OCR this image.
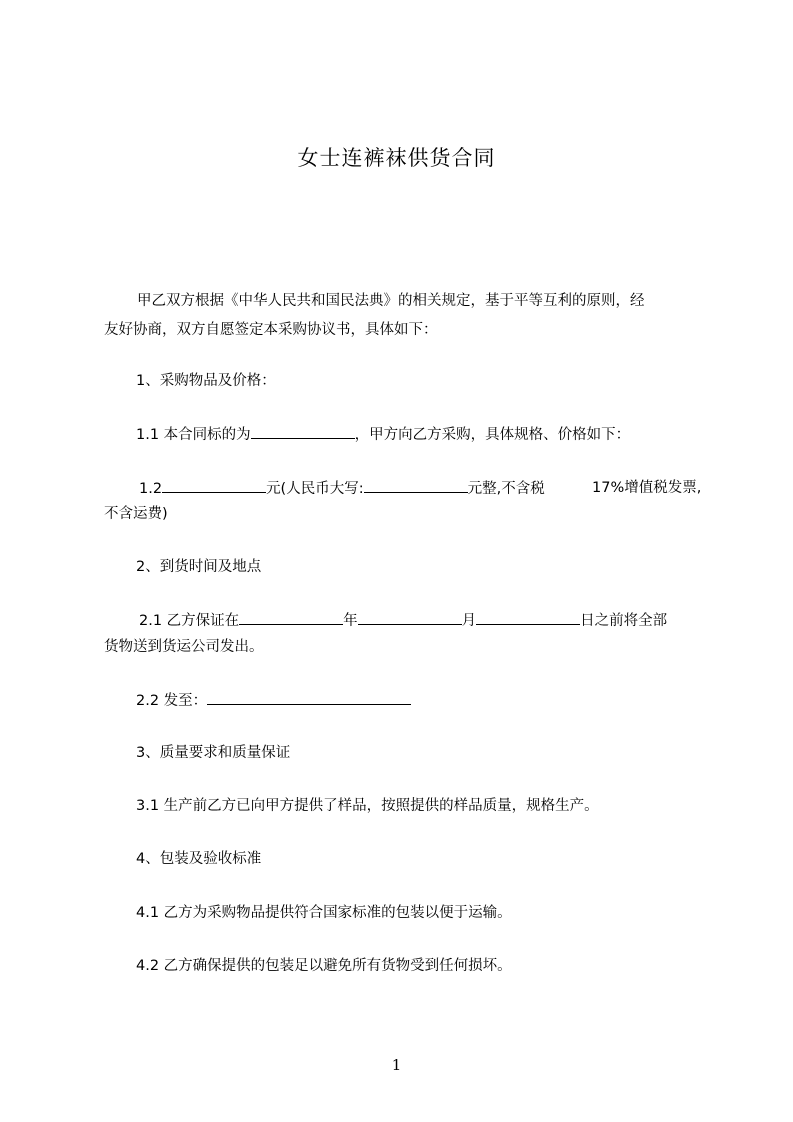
女士连裤袜供货合同
甲乙双方根据《中华人民共和国民法典》的相关规定，基于平等互利的原则，经
友好协商，双方自愿签定本采购协议书，具体如下：
1、采购物品及价格：
1.1 本合同标的为	，甲方向乙方采购，具体规格、价格如下：
1.2	元(人民币大写:	元整,不含税	17%增值税发票,
不含运费)
2、到货时间及地点
2.1 乙方保证在	年	月	日之前将全部
货物送到货运公司发出。
2.2 发至：
3、质量要求和质量保证
3.1 生产前乙方已向甲方提供了样品，按照提供的样品质量，规格生产。
4、包装及验收标准
4.1 乙方为采购物品提供符合国家标准的包装以便于运输。
4.2 乙方确保提供的包装足以避免所有货物受到任何损坏。
1
